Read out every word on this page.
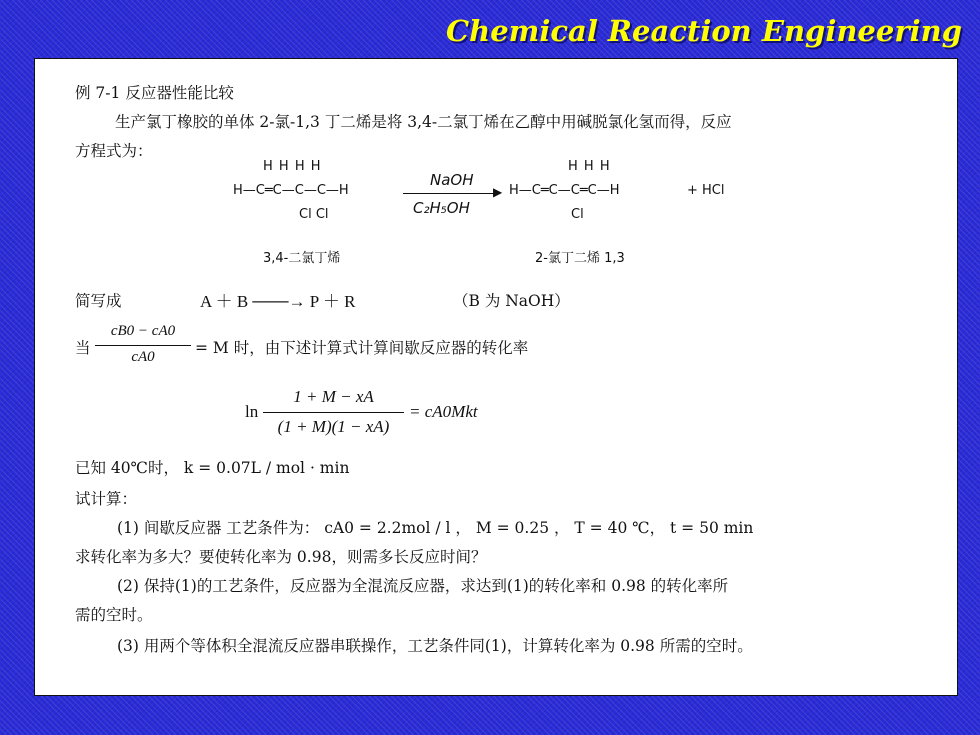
Chemical Reaction Engineering
例 7-1 反应器性能比较
生产氯丁橡胶的单体 2-氯-1,3 丁二烯是将 3,4-二氯丁烯在乙醇中用碱脱氯化氢而得，反应
方程式为：
H H H H
H—C═C—C—C—H
Cl Cl
NaOH
▶
C₂H₅OH
H H H
H—C═C—C═C—H	+ HCl
Cl
3,4-二氯丁烯	2-氯丁二烯 1,3
简写成	A ＋ B ───→ P ＋ R	（B 为 NaOH）
当
cB0 − cA0
cA0	= M 时，由下述计算式计算间歇反应器的转化率
ln
1 + M − xA
(1 + M)(1 − xA)
= cA0Mkt
已知 40℃时， k = 0.07L / mol · min
试计算：
(1) 间歇反应器 工艺条件为： cA0 = 2.2mol / l ， M = 0.25 ， T = 40 ℃， t = 50 min
求转化率为多大？要使转化率为 0.98，则需多长反应时间？
(2) 保持(1)的工艺条件，反应器为全混流反应器，求达到(1)的转化率和 0.98 的转化率所
需的空时。
(3) 用两个等体积全混流反应器串联操作，工艺条件同(1)，计算转化率为 0.98 所需的空时。
